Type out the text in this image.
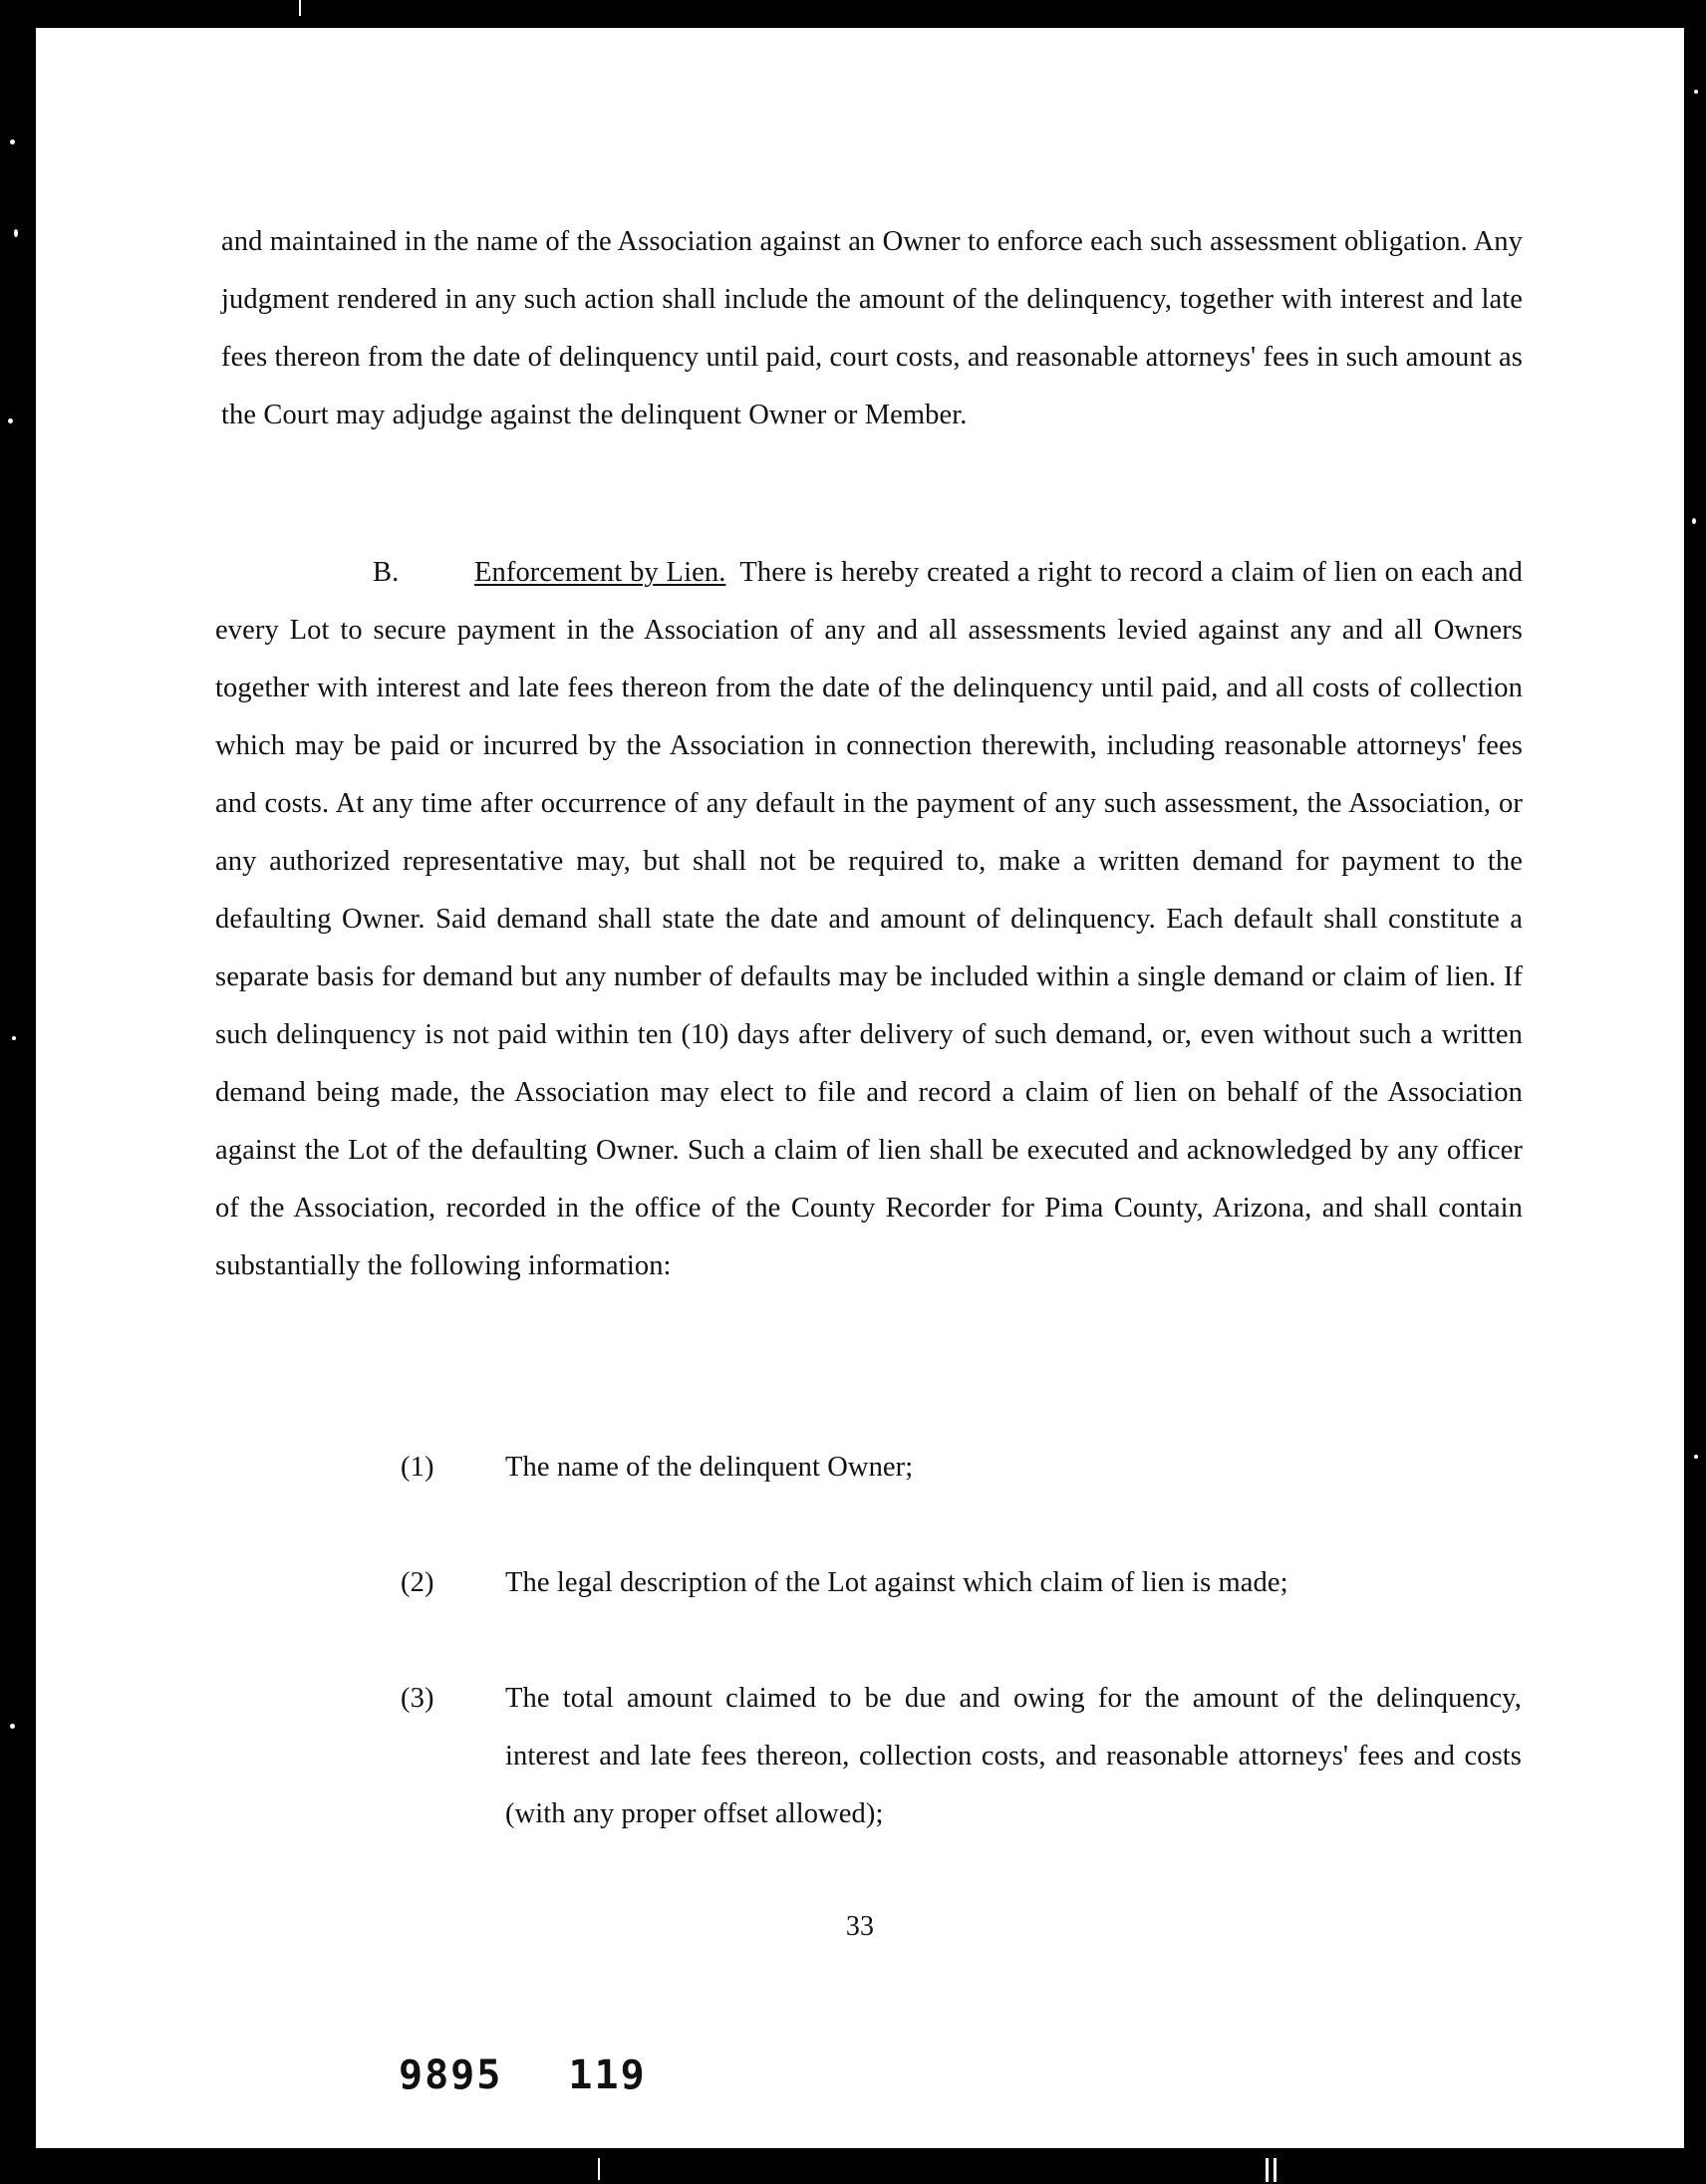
and maintained in the name of the Association against an Owner to enforce each such assessment obligation. Any judgment rendered in any such action shall include the amount of the delinquency, together with interest and late fees thereon from the date of delinquency until paid, court costs, and reasonable attorneys' fees in such amount as the Court may adjudge against the delinquent Owner or Member.

B.	Enforcement by Lien. There is hereby created a right to record a claim of lien on each and every Lot to secure payment in the Association of any and all assessments levied against any and all Owners together with interest and late fees thereon from the date of the delinquency until paid, and all costs of collection which may be paid or incurred by the Association in connection therewith, including reasonable attorneys' fees and costs. At any time after occurrence of any default in the payment of any such assessment, the Association, or any authorized representative may, but shall not be required to, make a written demand for payment to the defaulting Owner. Said demand shall state the date and amount of delinquency. Each default shall constitute a separate basis for demand but any number of defaults may be included within a single demand or claim of lien. If such delinquency is not paid within ten (10) days after delivery of such demand, or, even without such a written demand being made, the Association may elect to file and record a claim of lien on behalf of the Association against the Lot of the defaulting Owner. Such a claim of lien shall be executed and acknowledged by any officer of the Association, recorded in the office of the County Recorder for Pima County, Arizona, and shall contain substantially the following information:

(1)	The name of the delinquent Owner;

(2)	The legal description of the Lot against which claim of lien is made;

(3)	The total amount claimed to be due and owing for the amount of the delinquency, interest and late fees thereon, collection costs, and reasonable attorneys' fees and costs (with any proper offset allowed);

33
9895 119
